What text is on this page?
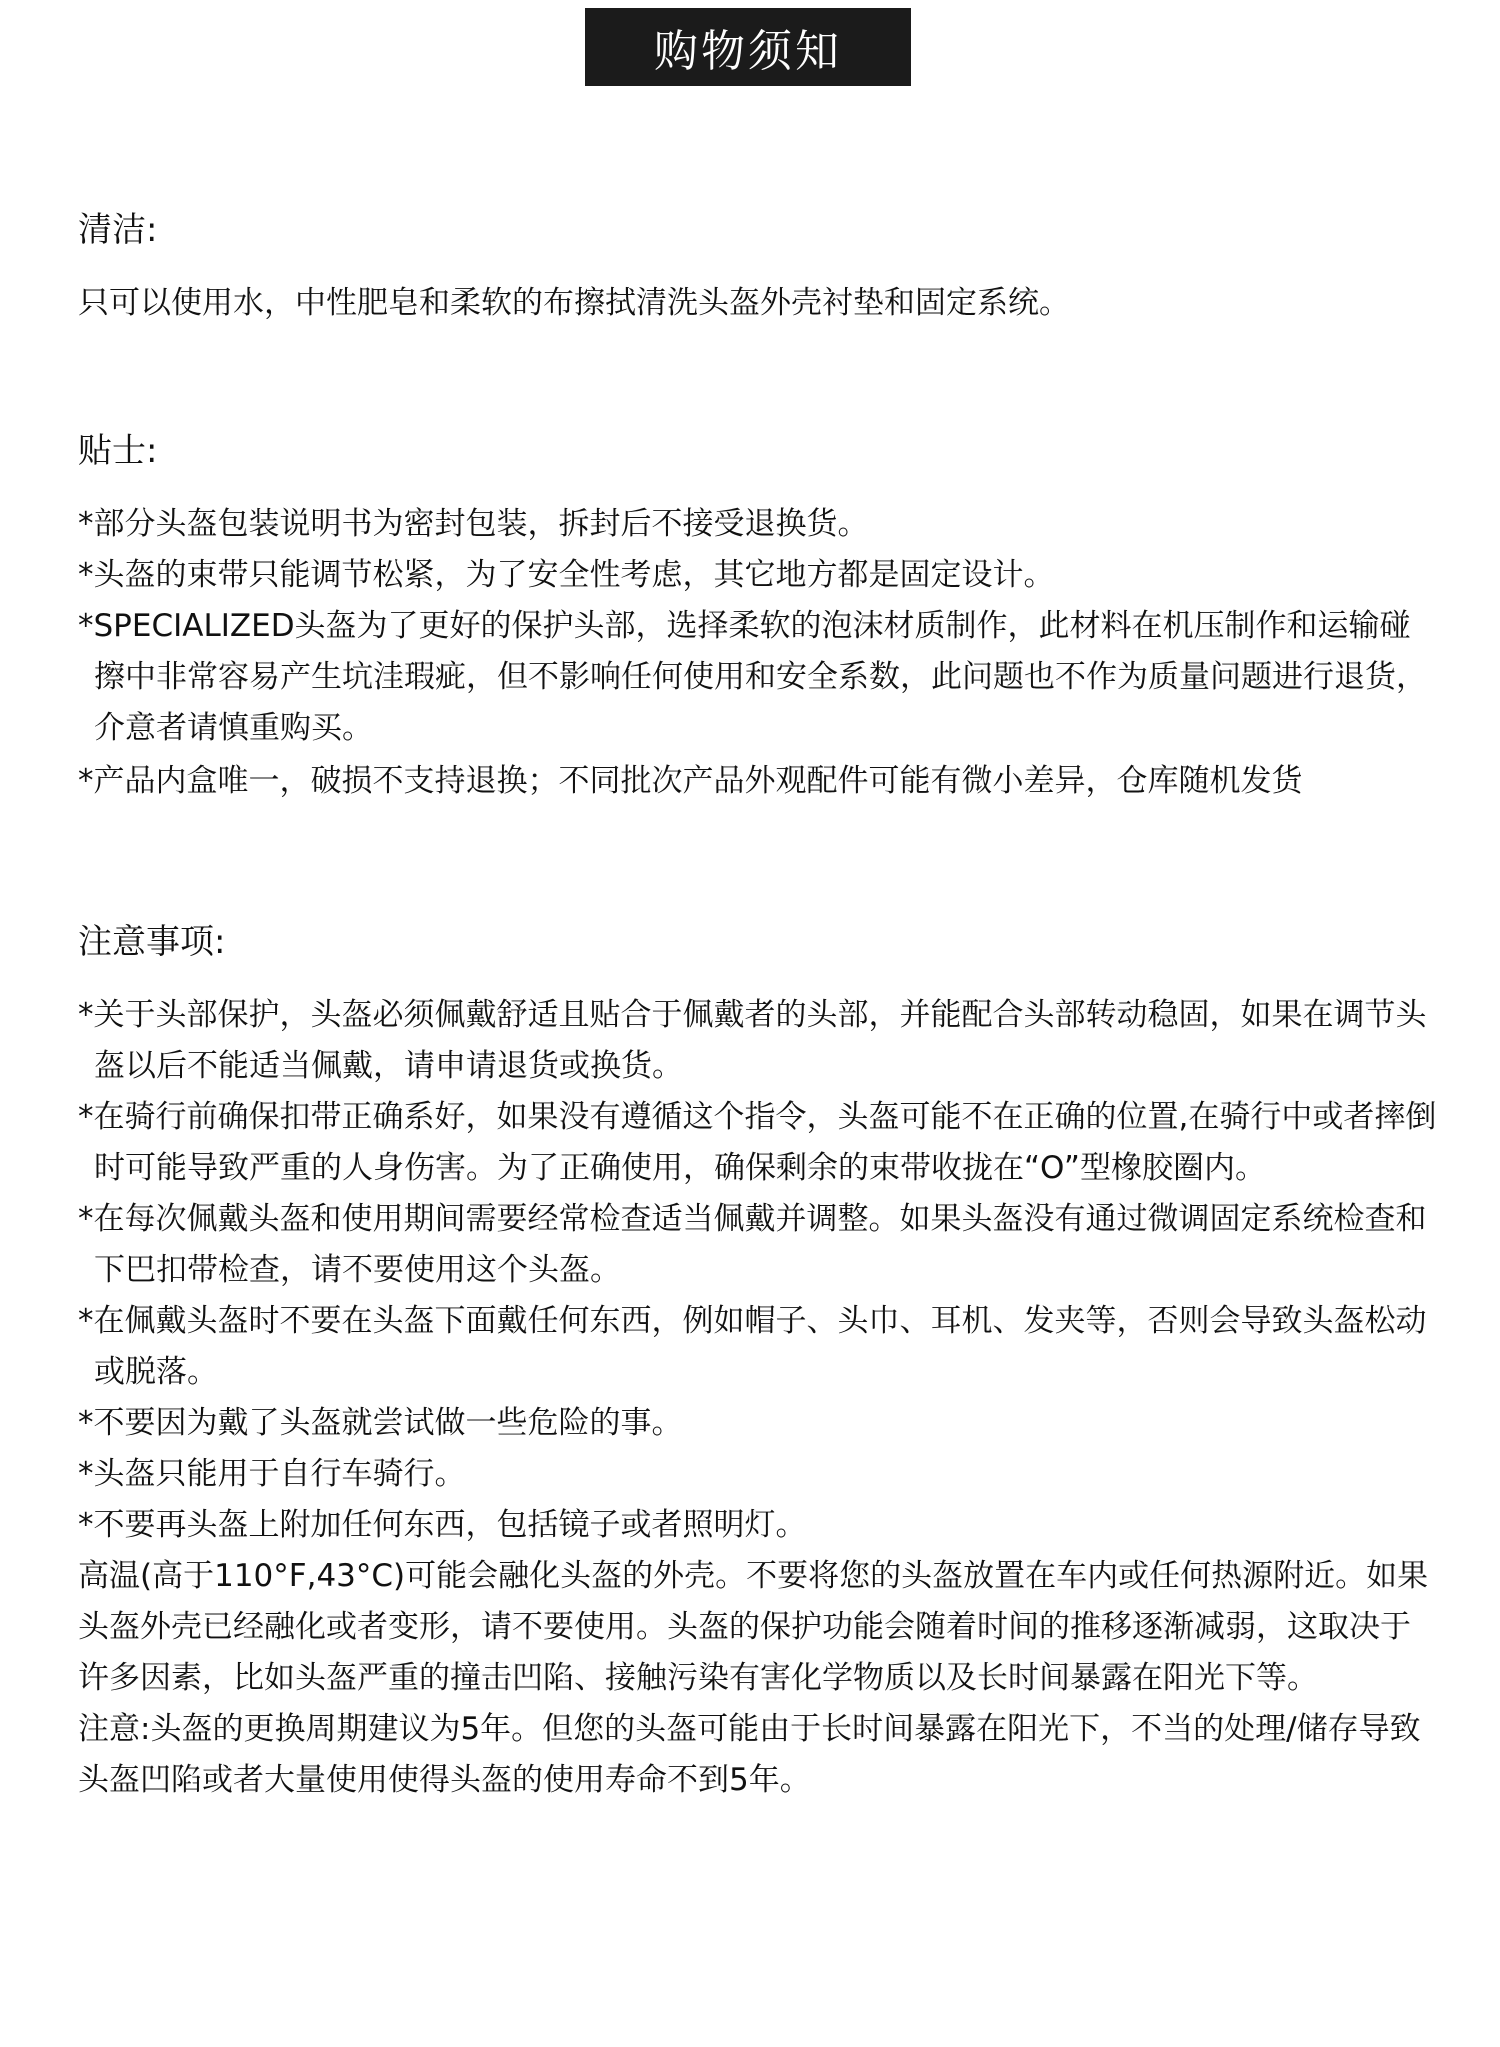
购物须知
清洁:

只可以使用水，中性肥皂和柔软的布擦拭清洗头盔外壳衬垫和固定系统。

贴士:

*部分头盔包装说明书为密封包装，拆封后不接受退换货。

*头盔的束带只能调节松紧，为了安全性考虑，其它地方都是固定设计。

*SPECIALIZED头盔为了更好的保护头部，选择柔软的泡沫材质制作，此材料在机压制作和运输碰擦中非常容易产生坑洼瑕疵，但不影响任何使用和安全系数，此问题也不作为质量问题进行退货，介意者请慎重购买。

*产品内盒唯一，破损不支持退换；不同批次产品外观配件可能有微小差异，仓库随机发货

注意事项:

*关于头部保护，头盔必须佩戴舒适且贴合于佩戴者的头部，并能配合头部转动稳固，如果在调节头盔以后不能适当佩戴，请申请退货或换货。

*在骑行前确保扣带正确系好，如果没有遵循这个指令，头盔可能不在正确的位置,在骑行中或者摔倒时可能导致严重的人身伤害。为了正确使用，确保剩余的束带收拢在“O”型橡胶圈内。

*在每次佩戴头盔和使用期间需要经常检查适当佩戴并调整。如果头盔没有通过微调固定系统检查和下巴扣带检查，请不要使用这个头盔。

*在佩戴头盔时不要在头盔下面戴任何东西，例如帽子、头巾、耳机、发夹等，否则会导致头盔松动或脱落。

*不要因为戴了头盔就尝试做一些危险的事。

*头盔只能用于自行车骑行。

*不要再头盔上附加任何东西，包括镜子或者照明灯。

高温(高于110°F,43°C)可能会融化头盔的外壳。不要将您的头盔放置在车内或任何热源附近。如果头盔外壳已经融化或者变形，请不要使用。头盔的保护功能会随着时间的推移逐渐减弱，这取决于许多因素，比如头盔严重的撞击凹陷、接触污染有害化学物质以及长时间暴露在阳光下等。

注意:头盔的更换周期建议为5年。但您的头盔可能由于长时间暴露在阳光下，不当的处理/储存导致头盔凹陷或者大量使用使得头盔的使用寿命不到5年。
